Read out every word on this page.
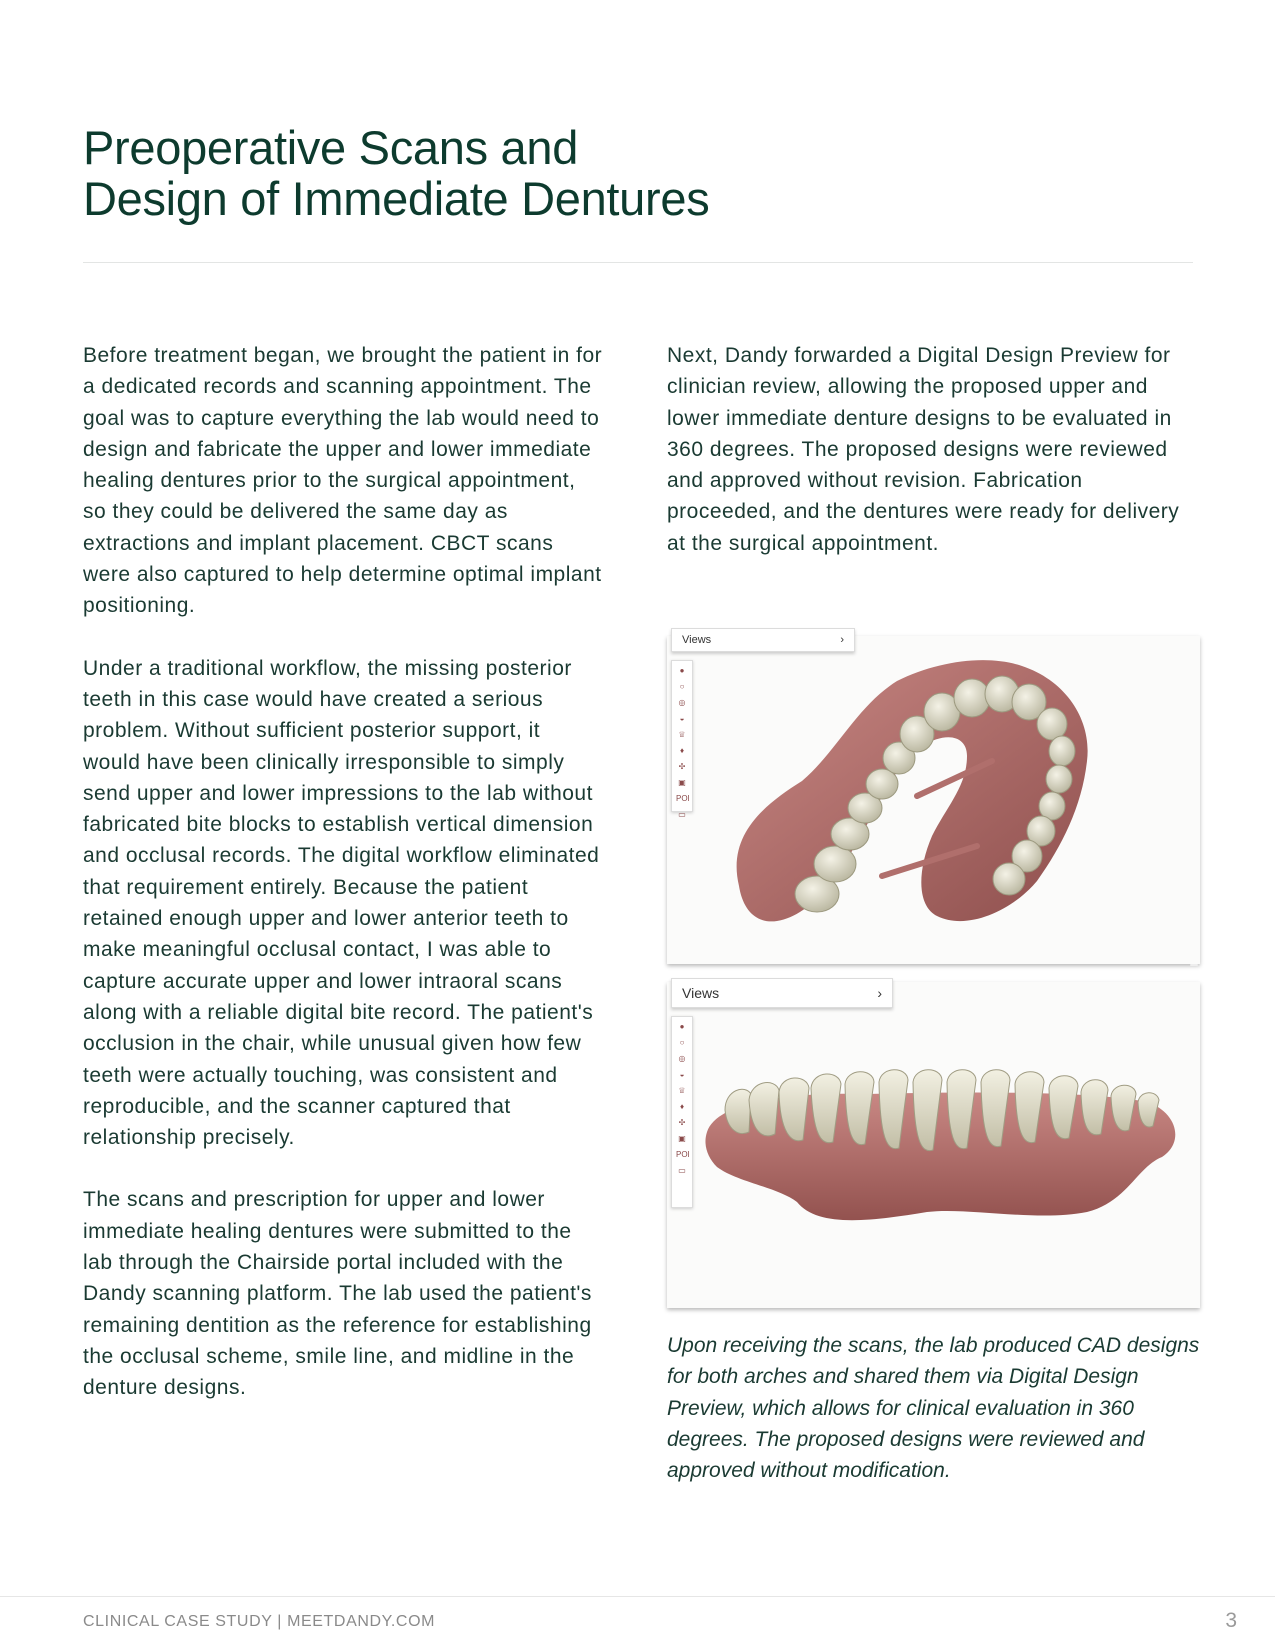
Preoperative Scans and
Design of Immediate Dentures

Before treatment began, we brought the patient in for a dedicated records and scanning appointment. The goal was to capture everything the lab would need to design and fabricate the upper and lower immediate healing dentures prior to the surgical appointment, so they could be delivered the same day as extractions and implant placement. CBCT scans were also captured to help determine optimal implant positioning.

Under a traditional workflow, the missing posterior teeth in this case would have created a serious problem. Without sufficient posterior support, it would have been clinically irresponsible to simply send upper and lower impressions to the lab without fabricated bite blocks to establish vertical dimension and occlusal records. The digital workflow eliminated that requirement entirely. Because the patient retained enough upper and lower anterior teeth to make meaningful occlusal contact, I was able to capture accurate upper and lower intraoral scans along with a reliable digital bite record. The patient's occlusion in the chair, while unusual given how few teeth were actually touching, was consistent and reproducible, and the scanner captured that relationship precisely.

The scans and prescription for upper and lower immediate healing dentures were submitted to the lab through the Chairside portal included with the Dandy scanning platform. The lab used the patient's remaining dentition as the reference for establishing the occlusal scheme, smile line, and midline in the denture designs.

Next, Dandy forwarded a Digital Design Preview for clinician review, allowing the proposed upper and lower immediate denture designs to be evaluated in 360 degrees. The proposed designs were reviewed and approved without revision. Fabrication proceeded, and the dentures were ready for delivery at the surgical appointment.

Views	›
●
○
◎
◒
♕
♦
✣
▣
POI
▭
Views	›
●
○
◎
◒
♕
♦
✣
▣
POI
▭
Upon receiving the scans, the lab produced CAD designs for both arches and shared them via Digital Design Preview, which allows for clinical evaluation in 360 degrees. The proposed designs were reviewed and approved without modification.
CLINICAL CASE STUDY | MEETDANDY.COM	3
